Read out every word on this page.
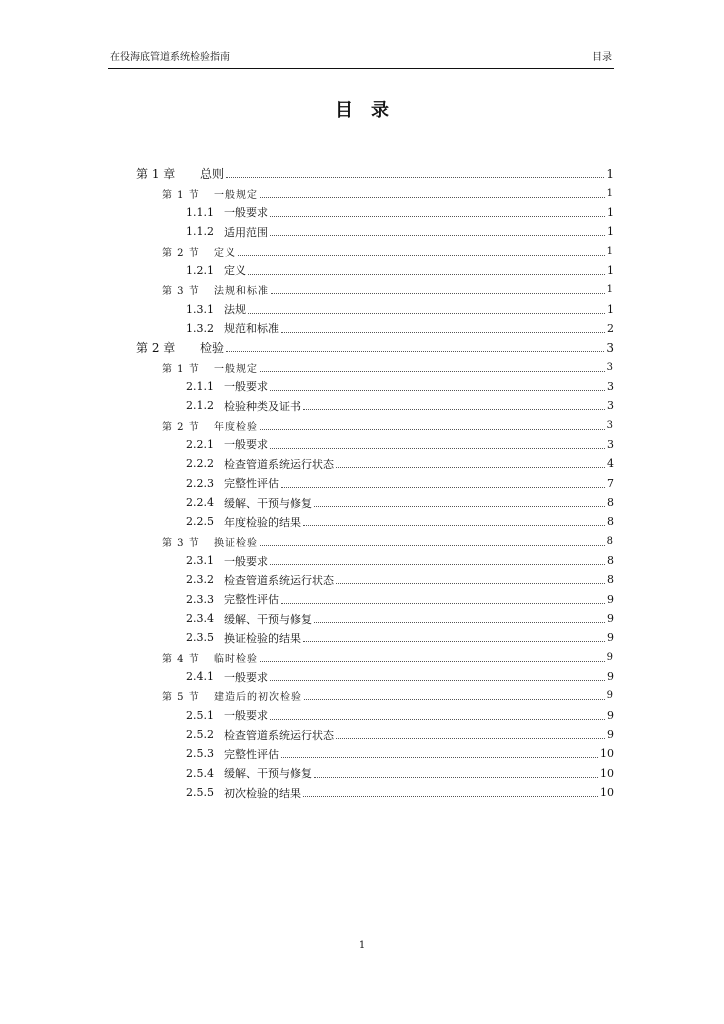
在役海底管道系统检验指南	目录
目录
第 1 章	总则	1
第 1 节	一般规定	1
1.1.1 一般要求	1
1.1.2 适用范围	1
第 2 节	定义	1
1.2.1 定义	1
第 3 节	法规和标准	1
1.3.1 法规	1
1.3.2 规范和标准	2
第 2 章	检验	3
第 1 节	一般规定	3
2.1.1 一般要求	3
2.1.2 检验种类及证书	3
第 2 节	年度检验	3
2.2.1 一般要求	3
2.2.2 检查管道系统运行状态	4
2.2.3 完整性评估	7
2.2.4 缓解、干预与修复	8
2.2.5 年度检验的结果	8
第 3 节	换证检验	8
2.3.1 一般要求	8
2.3.2 检查管道系统运行状态	8
2.3.3 完整性评估	9
2.3.4 缓解、干预与修复	9
2.3.5 换证检验的结果	9
第 4 节	临时检验	9
2.4.1 一般要求	9
第 5 节	建造后的初次检验	9
2.5.1 一般要求	9
2.5.2 检查管道系统运行状态	9
2.5.3 完整性评估	10
2.5.4 缓解、干预与修复	10
2.5.5 初次检验的结果	10
1
